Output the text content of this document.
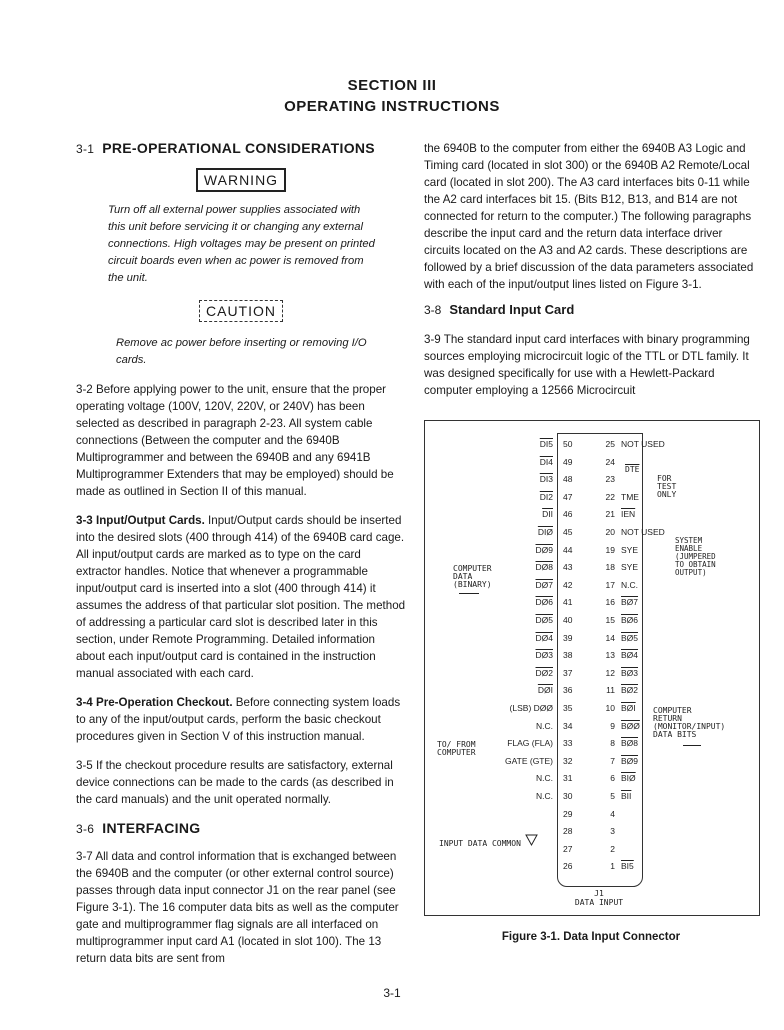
SECTION III
OPERATING INSTRUCTIONS
3-1 PRE-OPERATIONAL CONSIDERATIONS
WARNING

Turn off all external power supplies associated with this unit before servicing it or changing any external connections. High voltages may be present on printed circuit boards even when ac power is removed from the unit.

CAUTION

Remove ac power before inserting or removing I/O cards.

3-2 Before applying power to the unit, ensure that the proper operating voltage (100V, 120V, 220V, or 240V) has been selected as described in paragraph 2-23. All system cable connections (Between the computer and the 6940B Multiprogrammer and between the 6940B and any 6941B Multiprogrammer Extenders that may be employed) should be made as outlined in Section II of this manual.

3-3 Input/Output Cards. Input/Output cards should be inserted into the desired slots (400 through 414) of the 6940B card cage. All input/output cards are marked as to type on the card extractor handles. Notice that whenever a programmable input/output card is inserted into a slot (400 through 414) it assumes the address of that particular slot position. The method of addressing a particular card slot is described later in this section, under Remote Programming. Detailed information about each input/output card is contained in the instruction manual associated with each card.

3-4 Pre-Operation Checkout. Before connecting system loads to any of the input/output cards, perform the basic checkout procedures given in Section V of this instruction manual.

3-5 If the checkout procedure results are satisfactory, external device connections can be made to the cards (as described in the card manuals) and the unit operated normally.

3-6 INTERFACING

3-7 All data and control information that is exchanged between the 6940B and the computer (or other external control source) passes through data input connector J1 on the rear panel (see Figure 3-1). The 16 computer data bits as well as the computer gate and multiprogrammer flag signals are all interfaced on multiprogrammer input card A1 (located in slot 100). The 13 return data bits are sent from

the 6940B to the computer from either the 6940B A3 Logic and Timing card (located in slot 300) or the 6940B A2 Remote/Local card (located in slot 200). The A3 card interfaces bits 0-11 while the A2 card interfaces bit 15. (Bits B12, B13, and B14 are not connected for return to the computer.) The following paragraphs describe the input card and the return data interface driver circuits located on the A3 and A2 cards. These descriptions are followed by a brief discussion of the data parameters associated with each of the input/output lines listed on Figure 3-1.

3-8 Standard Input Card

3-9 The standard input card interfaces with binary programming sources employing microcircuit logic of the TTL or DTL family. It was designed specifically for use with a Hewlett-Packard computer employing a 12566 Microcircuit

DI5 50	25 NOT USED
DI4 49	24
DI3 48	23
DI2 47	22 TME
$\overline{DII}$ 46	21 $\overline{IEN}$
$\overline{DIØ}$ 45	20 NOT USED
DØ9 44	19 SYE
DØ8 43	18 SYE
DØ7 42	17 N.C.
DØ6 41	16 BØ7
DØ5 40	15 BØ6
DØ4 39	14 BØ5
DØ3 38	13 BØ4
DØ2 37	12 BØ3
$\overline{DØI}$ 36	11 BØ2
(LSB) DØØ 35	10 $\overline{BØI}$
N.C. 34	9 $\overline{BØØ}$
FLAG (FLA) 33	8 BØ8
GATE (GTE) 32	7 BØ9
N.C. 31	6 $\overline{BIØ}$
N.C. 30	5 $\overline{BII}$
29	4
28	3
27	2
26	1 BI5
J1
DATA INPUT
$\overline{DTE}$
FOR
TEST
ONLY
SYSTEM
ENABLE
(JUMPERED
TO OBTAIN
OUTPUT)
COMPUTER
DATA
(BINARY)
COMPUTER
RETURN
(MONITOR/INPUT)
DATA BITS
TO/ FROM
COMPUTER
INPUT DATA COMMON
Figure 3-1. Data Input Connector
3-1
